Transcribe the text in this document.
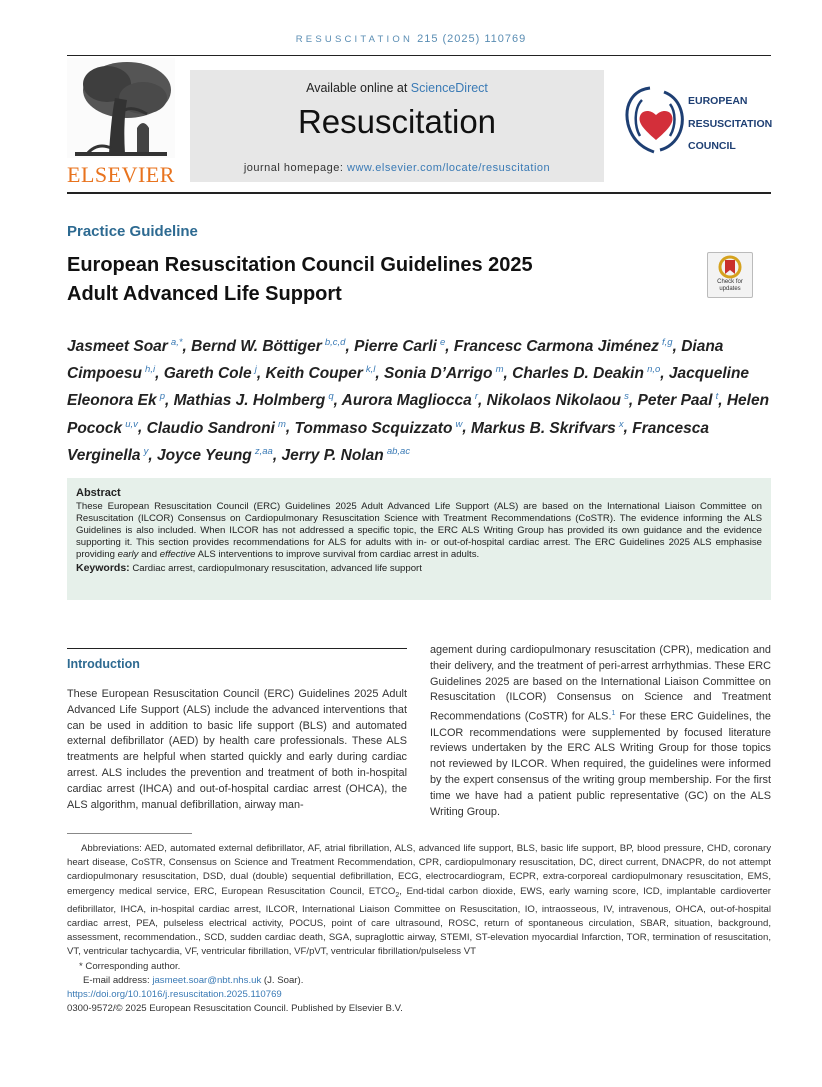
RESUSCITATION 215 (2025) 110769
ELSEVIER
Available online at ScienceDirect
Resuscitation
journal homepage: www.elsevier.com/locate/resuscitation
EUROPEAN
RESUSCITATION
COUNCIL
Practice Guideline
European Resuscitation Council Guidelines 2025
Adult Advanced Life Support
Check for
updates
Jasmeet Soar  $^{a,*}$, Bernd W. Böttiger  $^{b,c,d}$, Pierre Carli  $^e$, Francesc Carmona Jiménez  $^{f,g}$, Diana Cimpoesu  $^{h,i}$, Gareth Cole  $^j$, Keith Couper  $^{k,l}$, Sonia D’Arrigo  $^m$, Charles D. Deakin  $^{n,o}$, Jacqueline Eleonora Ek  $^p$, Mathias J. Holmberg  $^q$, Aurora Magliocca  $^r$, Nikolaos Nikolaou  $^s$, Peter Paal  $^t$, Helen Pocock  $^{u,v}$, Claudio Sandroni  $^m$, Tommaso Scquizzato  $^w$, Markus B. Skrifvars  $^x$, Francesca Verginella  $^y$, Joyce Yeung  $^{z,aa}$, Jerry P. Nolan  $^{ab,ac}$
Abstract
These European Resuscitation Council (ERC) Guidelines 2025 Adult Advanced Life Support (ALS) are based on the International Liaison Committee on Resuscitation (ILCOR) Consensus on Cardiopulmonary Resuscitation Science with Treatment Recommendations (CoSTR). The evidence informing the ALS Guidelines is also included. When ILCOR has not addressed a specific topic, the ERC ALS Writing Group has provided its own guidance and the evidence supporting it. This section provides recommendations for ALS for adults with in- or out-of-hospital cardiac arrest. The ERC Guidelines 2025 ALS emphasise providing early and effective ALS interventions to improve survival from cardiac arrest in adults.
Keywords: Cardiac arrest, cardiopulmonary resuscitation, advanced life support
Introduction
These European Resuscitation Council (ERC) Guidelines 2025 Adult Advanced Life Support (ALS) include the advanced interventions that can be used in addition to basic life support (BLS) and automated external defibrillator (AED) by health care professionals. These ALS treatments are helpful when started quickly and early during cardiac arrest. ALS includes the prevention and treatment of both in-hospital cardiac arrest (IHCA) and out-of-hospital cardiac arrest (OHCA), the ALS algorithm, manual defibrillation, airway man-
agement during cardiopulmonary resuscitation (CPR), medication and their delivery, and the treatment of peri-arrest arrhythmias. These ERC Guidelines 2025 are based on the International Liaison Committee on Resuscitation (ILCOR) Consensus on Science and Treatment Recommendations (CoSTR) for ALS.$^1$ For these ERC Guidelines, the ILCOR recommendations were supplemented by focused literature reviews undertaken by the ERC ALS Writing Group for those topics not reviewed by ILCOR. When required, the guidelines were informed by the expert consensus of the writing group membership. For the first time we have had a patient public representative (GC) on the ALS Writing Group.
Abbreviations: AED, automated external defibrillator, AF, atrial fibrillation, ALS, advanced life support, BLS, basic life support, BP, blood pressure, CHD, coronary heart disease, CoSTR, Consensus on Science and Treatment Recommendation, CPR, cardiopulmonary resuscitation, DC, direct current, DNACPR, do not attempt cardiopulmonary resuscitation, DSD, dual (double) sequential defibrillation, ECG, electrocardiogram, ECPR, extra-corporeal cardiopulmonary resuscitation, EMS, emergency medical service, ERC, European Resuscitation Council, $ETCO_2$, End-tidal carbon dioxide, EWS, early warning score, ICD, implantable cardioverter defibrillator, IHCA, in-hospital cardiac arrest, ILCOR, International Liaison Committee on Resuscitation, IO, intraosseous, IV, intravenous, OHCA, out-of-hospital cardiac arrest, PEA, pulseless electrical activity, POCUS, point of care ultrasound, ROSC, return of spontaneous circulation, SBAR, situation, background, assessment, recommendation., SCD, sudden cardiac death, SGA, supraglottic airway, STEMI, ST-elevation myocardial Infarction, TOR, termination of resuscitation, VT, ventricular tachycardia, VF, ventricular fibrillation, VF/pVT, ventricular fibrillation/pulseless VT
* Corresponding author.
E-mail address: jasmeet.soar@nbt.nhs.uk (J. Soar).
https://doi.org/10.1016/j.resuscitation.2025.110769
0300-9572/© 2025 European Resuscitation Council. Published by Elsevier B.V.
